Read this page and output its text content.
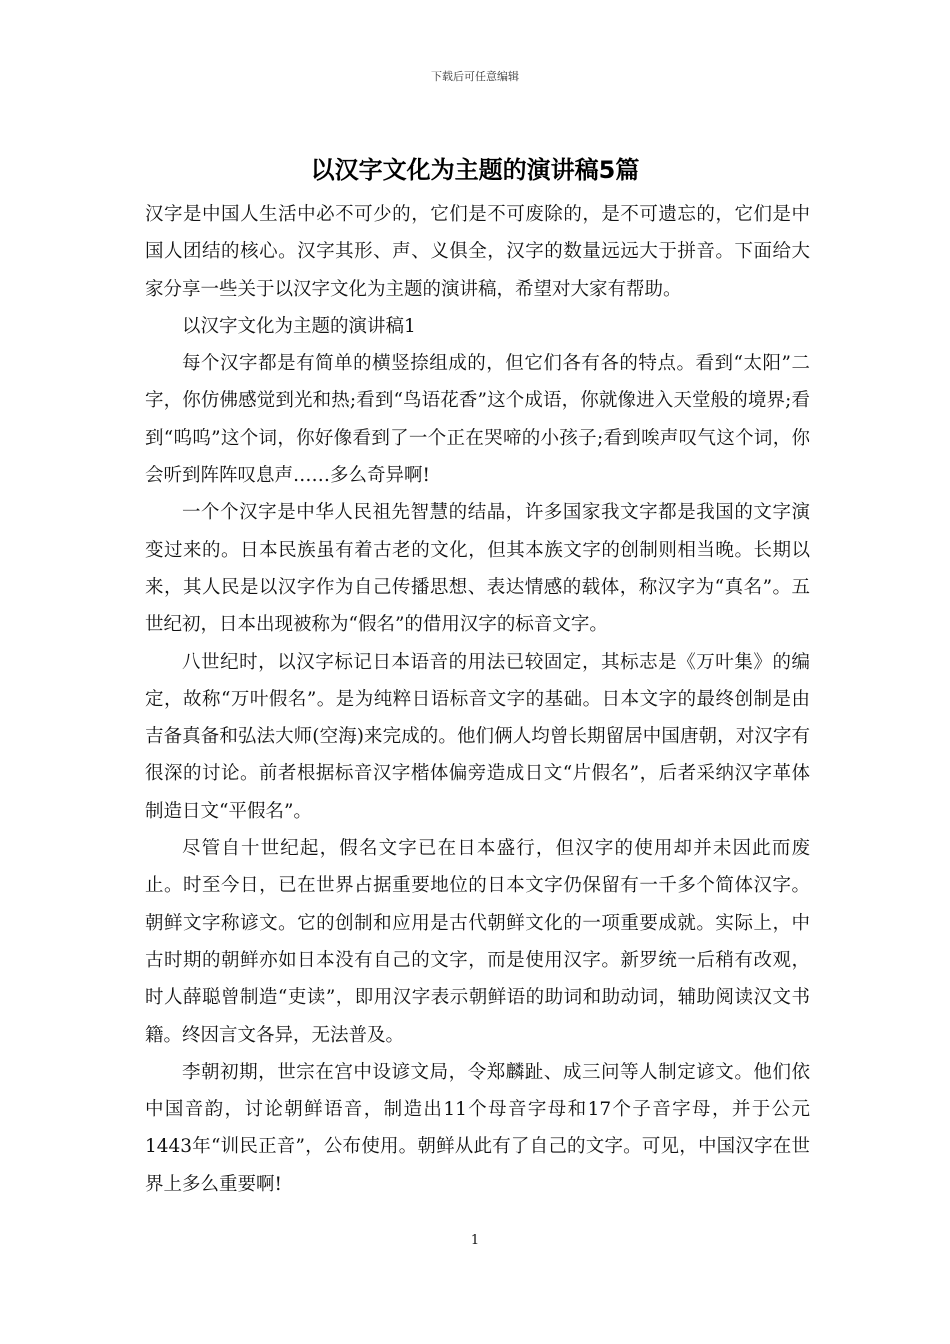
下载后可任意编辑
以汉字文化为主题的演讲稿5篇

汉字是中国人生活中必不可少的，它们是不可废除的，是不可遗忘的，它们是中国人团结的核心。汉字其形、声、义俱全，汉字的数量远远大于拼音。下面给大家分享一些关于以汉字文化为主题的演讲稿，希望对大家有帮助。

以汉字文化为主题的演讲稿1

每个汉字都是有简单的横竖捺组成的，但它们各有各的特点。看到“太阳”二字，你仿佛感觉到光和热;看到“鸟语花香”这个成语，你就像进入天堂般的境界;看到“呜呜”这个词，你好像看到了一个正在哭啼的小孩子;看到唉声叹气这个词，你会听到阵阵叹息声……多么奇异啊!

一个个汉字是中华人民祖先智慧的结晶，许多国家我文字都是我国的文字演变过来的。日本民族虽有着古老的文化，但其本族文字的创制则相当晚。长期以来，其人民是以汉字作为自己传播思想、表达情感的载体，称汉字为“真名”。五世纪初，日本出现被称为“假名”的借用汉字的标音文字。

八世纪时，以汉字标记日本语音的用法已较固定，其标志是《万叶集》的编定，故称“万叶假名”。是为纯粹日语标音文字的基础。日本文字的最终创制是由吉备真备和弘法大师(空海)来完成的。他们俩人均曾长期留居中国唐朝，对汉字有很深的讨论。前者根据标音汉字楷体偏旁造成日文“片假名”，后者采纳汉字革体制造日文“平假名”。

尽管自十世纪起，假名文字已在日本盛行，但汉字的使用却并未因此而废止。时至今日，已在世界占据重要地位的日本文字仍保留有一千多个简体汉字。朝鲜文字称谚文。它的创制和应用是古代朝鲜文化的一项重要成就。实际上，中古时期的朝鲜亦如日本没有自己的文字，而是使用汉字。新罗统一后稍有改观，时人薛聪曾制造“吏读”，即用汉字表示朝鲜语的助词和助动词，辅助阅读汉文书籍。终因言文各异，无法普及。

李朝初期，世宗在宫中设谚文局，令郑麟趾、成三问等人制定谚文。他们依中国音韵，讨论朝鲜语音，制造出11个母音字母和17个子音字母，并于公元1443年“训民正音”，公布使用。朝鲜从此有了自己的文字。可见，中国汉字在世界上多么重要啊!

1
